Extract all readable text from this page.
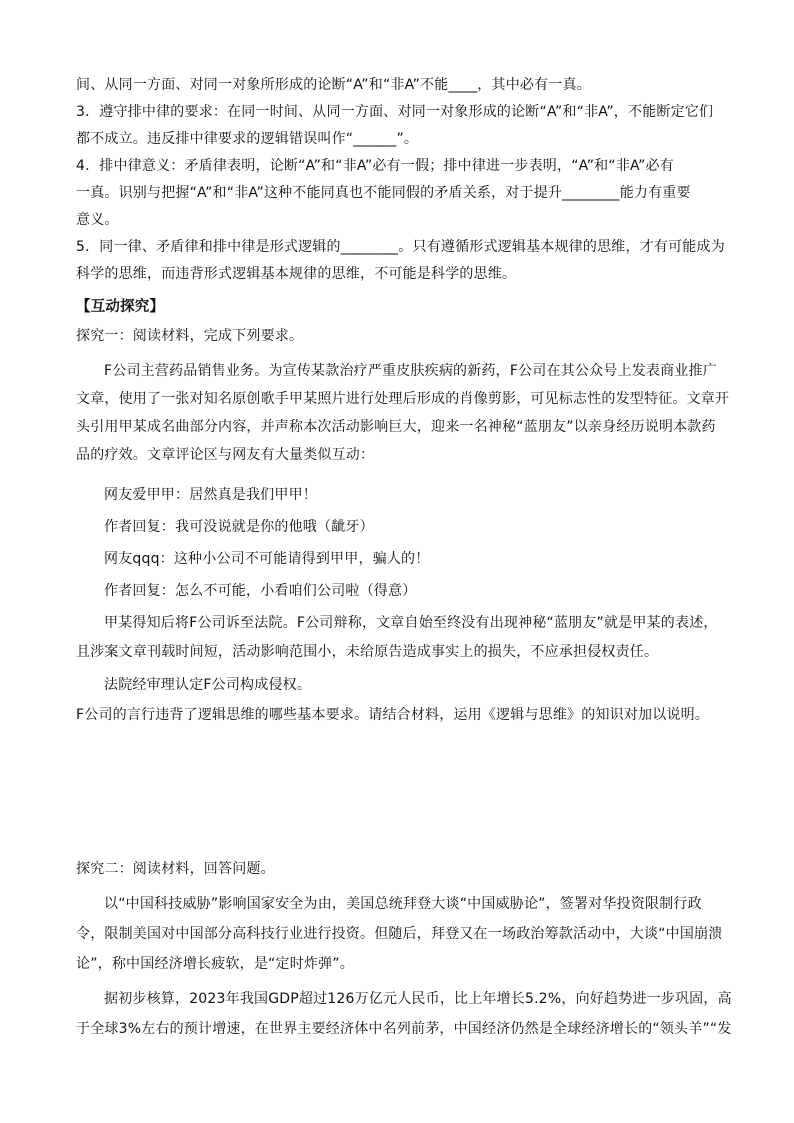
间、从同一方面、对同一对象所形成的论断“A”和“非A”不能____，其中必有一真。
3．遵守排中律的要求：在同一时间、从同一方面、对同一对象形成的论断“A”和“非A”，不能断定它们
都不成立。违反排中律要求的逻辑错误叫作“______”。
4．排中律意义：矛盾律表明，论断“A”和“非A”必有一假；排中律进一步表明，“A”和“非A”必有
一真。识别与把握“A”和“非A”这种不能同真也不能同假的矛盾关系，对于提升________能力有重要
意义。
5．同一律、矛盾律和排中律是形式逻辑的________。只有遵循形式逻辑基本规律的思维，才有可能成为
科学的思维，而违背形式逻辑基本规律的思维，不可能是科学的思维。
【互动探究】
探究一：阅读材料，完成下列要求。
F公司主营药品销售业务。为宣传某款治疗严重皮肤疾病的新药，F公司在其公众号上发表商业推广
文章，使用了一张对知名原创歌手甲某照片进行处理后形成的肖像剪影，可见标志性的发型特征。文章开
头引用甲某成名曲部分内容，并声称本次活动影响巨大，迎来一名神秘“蓝朋友”以亲身经历说明本款药
品的疗效。文章评论区与网友有大量类似互动：
网友爱甲甲：居然真是我们甲甲！
作者回复：我可没说就是你的他哦（龇牙）
网友qqq：这种小公司不可能请得到甲甲，骗人的！
作者回复：怎么不可能，小看咱们公司啦（得意）
甲某得知后将F公司诉至法院。F公司辩称，文章自始至终没有出现神秘“蓝朋友”就是甲某的表述，
且涉案文章刊载时间短，活动影响范围小，未给原告造成事实上的损失，不应承担侵权责任。
法院经审理认定F公司构成侵权。
F公司的言行违背了逻辑思维的哪些基本要求。请结合材料，运用《逻辑与思维》的知识对加以说明。
探究二：阅读材料，回答问题。
以“中国科技威胁”影响国家安全为由，美国总统拜登大谈“中国威胁论”，签署对华投资限制行政
令，限制美国对中国部分高科技行业进行投资。但随后，拜登又在一场政治筹款活动中，大谈“中国崩溃
论”，称中国经济增长疲软，是“定时炸弹”。
据初步核算，2023年我国GDP超过126万亿元人民币，比上年增长5.2%，向好趋势进一步巩固，高
于全球3%左右的预计增速，在世界主要经济体中名列前茅，中国经济仍然是全球经济增长的“领头羊”“发
